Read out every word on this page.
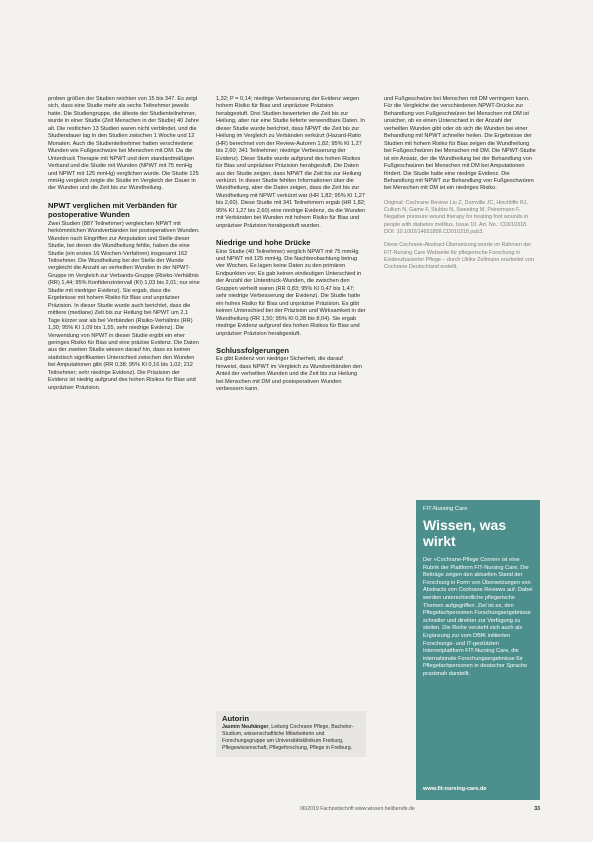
proben größen der Studien reichten von 15 bis 347. Es zeigt sich, dass eine Studie mehr als sechs Teilnehmer jeweils hatte. Die Studiengruppe, die älteste der Studienteilnehmer, wurde in einer Studie (Zeit Menschen in der Studie) 40 Jahre alt. Die restlichen 13 Studien waren nicht verblindet, und die Studiendauer lag in den Studien zwischen 1 Woche und 12 Monaten. Auch die Studienteilnehmer hatten verschiedene Wunden wie Fußgeschwüre bei Menschen mit DM. Da die Unterdruck Therapie mit NPWT und dem standardmäßigen Verband und die Studie mit Wunden (NPWT mit 75 mmHg und NPWT mit 125 mmHg) verglichen wurde. Die Studie 125 mmHg vergleich zeigte die Studie im Vergleich der Dauer in der Wunden und die Zeit bis zur Wundheilung.

NPWT verglichen mit Verbänden für postoperative Wunden

Zwei Studien (887 Teilnehmer) vergleichen NPWT mit herkömmlichen Wundverbänden bei postoperativen Wunden. Wunden nach Eingriffen zur Amputation und Stelle dieser Studie, bei denen die Wundheilung fehlte, haben die eine Studie (ein erstes 16 Wochen-Verfahren) insgesamt 162 Teilnehmer. Die Wundheilung bei der Stelle der Wunde vergleicht die Anzahl an verheilten Wunden in der NPWT-Gruppe im Vergleich zur Verbands-Gruppe (Risiko-Verhältnis (RR) 1,44; 95% Konfidenzintervall (KI) 1,03 bis 2,01; nur eine Studie mit niedriger Evidenz). Sie ergab, dass die Ergebnisse mit hohem Risiko für Bias und unpräziser Präzision. In dieser Studie wurde auch berichtet, dass die mittlere (mediane) Zeit bis zur Heilung bei NPWT um 2,1 Tage kürzer war als bei Verbänden (Risiko-Verhältnis (RR) 1,30; 95% KI 1,09 bis 1,55, sehr niedrige Evidenz). Die Verwendung von NPWT in dieser Studie ergibt ein eher geringes Risiko für Bias und eine präzise Evidenz. Die Daten aus der zweiten Studie wiesen darauf hin, dass es keinen statistisch signifikanten Unterschied zwischen den Wunden bei Amputationen gibt (RR 0,38; 95% KI 0,16 bis 1,02; 212 Teilnehmer; sehr niedrige Evidenz). Die Präzision der Evidenz ist niedrig aufgrund des hohen Risikos für Bias und unpräziser Präzision.

1,32; P = 0,14; niedrige Verbesserung der Evidenz wegen hohem Risiko für Bias und unpräziser Präzision herabgestuft. Drei Studien bewerteten die Zeit bis zur Heilung, aber nur eine Studie lieferte verwendbare Daten. In dieser Studie wurde berichtet, dass NPWT die Zeit bis zur Heilung im Vergleich zu Verbänden verkürzt (Hazard-Ratio (HR) berechnet von der Review-Autoren 1,82; 95% KI 1,27 bis 2,60; 341 Teilnehmer; niedrige Verbesserung der Evidenz). Diese Studie wurde aufgrund des hohen Risikos für Bias und unpräziser Präzision herabgestuft. Die Daten aus der Studie zeigen, dass NPWT die Zeit bis zur Heilung verkürzt. In dieser Studie fehlten Informationen über die Wundheilung, aber die Daten zeigen, dass die Zeit bis zur Wundheilung mit NPWT verkürzt war (HR 1,82; 95% KI 1,27 bis 2,60). Diese Studie mit 341 Teilnehmern ergab (HR 1,82; 95% KI 1,27 bis 2,60) eine niedrige Evidenz, da die Wunden mit Verbänden bei Wunden mit hohem Risiko für Bias und unpräziser Präzision herabgestuft wurden.

Niedrige und hohe Drücke

Eine Studie (40 Teilnehmer) verglich NPWT mit 75 mmHg und NPWT mit 125 mmHg. Die Nachbeobachtung betrug vier Wochen. Es lagen keine Daten zu den primären Endpunkten vor. Es gab keinen eindeutigen Unterschied in der Anzahl der Unterdruck-Wunden, die zwischen den Gruppen verheilt waren (RR 0,83; 95% KI 0,47 bis 1,47; sehr niedrige Verbesserung der Evidenz). Die Studie hatte ein hohes Risiko für Bias und unpräzise Präzision. Es gibt keinen Unterschied bei der Präzision und Wirksamkeit in der Wundheilung (RR 1,50; 95% KI 0,28 bis 8,04). Sie ergab niedrige Evidenz aufgrund des hohen Risikos für Bias und unpräziser Präzision herabgestuft.

Schlussfolgerungen

Es gibt Evidenz von niedriger Sicherheit, die darauf hinweist, dass NPWT im Vergleich zu Wundverbänden den Anteil der verheilten Wunden und die Zeit bis zur Heilung bei Menschen mit DM und postoperativen Wunden verbessern kann.

und Fußgeschwüre bei Menschen mit DM verringern kann. Für die Vergleiche der verschiedenen NPWT-Drücke zur Behandlung von Fußgeschwüren bei Menschen mit DM ist unsicher, ob es einen Unterschied in der Anzahl der verheilten Wunden gibt oder ob sich die Wunden bei einer Behandlung mit NPWT schneller heilen. Die Ergebnisse der Studien mit hohem Risiko für Bias zeigen die Wundheilung bei Fußgeschwüren bei Menschen mit DM. Die NPWT-Studie ist ein Ansatz, der die Wundheilung bei der Behandlung von Fußgeschwüren bei Menschen mit DM bei Amputationen fördert. Die Studie hatte eine niedrige Evidenz. Die Behandlung mit NPWT zur Behandlung von Fußgeschwüren bei Menschen mit DM ist ein niedriges Risiko.

Original: Cochrane Review Liu Z, Dumville JC, Hinchliffe RJ, Cullum N, Game F, Stubbs N, Sweeting M, Peinemann F. Negative pressure wound therapy for treating foot wounds in people with diabetes mellitus. Issue 10. Art. No.: CD010318. DOI: 10.1002/14651858.CD010318.pub3.

Diese Cochrane-Abstract-Übersetzung wurde im Rahmen der FIT-Nursing Care Webseite für pflegerische Forschung in Evidenzbasierter Pflege – durch Ulrike Zellmann erarbeitet von Cochrane Deutschland erstellt.

Autorin
Jasmin Neuhänger, Leitung Cochrane Pflege, Bachelor-Studium, wissenschaftliche Mitarbeiterin und Forschungsgruppe am Universitätsklinikum Freiburg, Pflegewissenschaft, Pflegeforschung, Pflege in Freiburg.
FIT-Nursing Care
Wissen, was wirkt
Der »Cochrane-Pflege Corner« ist eine Rubrik der Plattform FIT-Nursing Care. Die Beiträge zeigen den aktuellen Stand der Forschung in Form von Übersetzungen von Abstracts von Cochrane Reviews auf. Dabei werden unterschiedliche pflegerische Themen aufgegriffen. Ziel ist es, den Pflegefachpersonen Forschungsergebnisse schneller und direkter zur Verfügung zu stellen. Die Reihe versteht sich auch als Ergänzung zur vom DBfK initiierten Forschungs- und IT-gestützten Internetplattform FIT-Nursing Care, die internationale Forschungsergebnisse für Pflegefachpersonen in deutscher Sprache praxisnah darstellt.
www.fit-nursing-care.de
06/2019 Fachzeitschrift www.wissen.heilberufe.de	33
